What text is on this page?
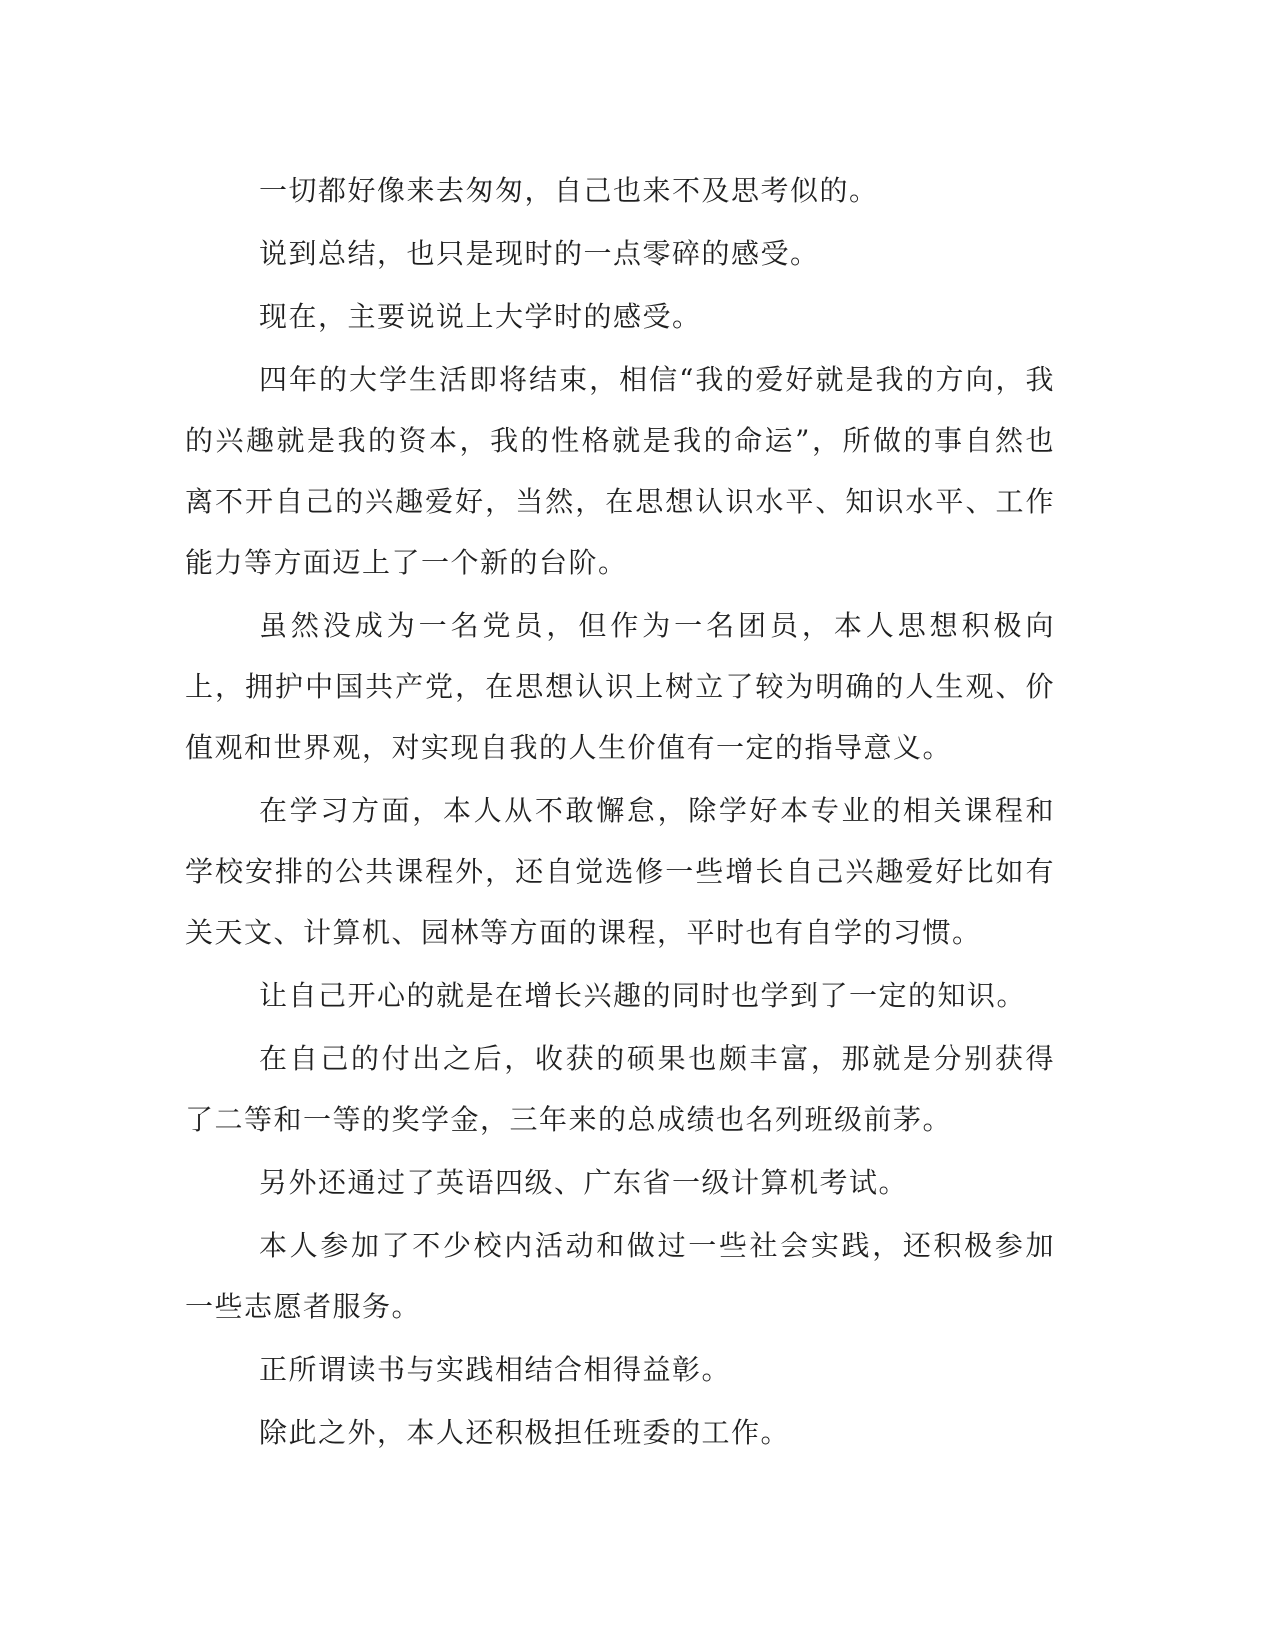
一切都好像来去匆匆，自己也来不及思考似的。

说到总结，也只是现时的一点零碎的感受。

现在，主要说说上大学时的感受。

四年的大学生活即将结束，相信“我的爱好就是我的方向，我的兴趣就是我的资本，我的性格就是我的命运”，所做的事自然也离不开自己的兴趣爱好，当然，在思想认识水平、知识水平、工作能力等方面迈上了一个新的台阶。

虽然没成为一名党员，但作为一名团员，本人思想积极向上，拥护中国共产党，在思想认识上树立了较为明确的人生观、价值观和世界观，对实现自我的人生价值有一定的指导意义。

在学习方面，本人从不敢懈怠，除学好本专业的相关课程和学校安排的公共课程外，还自觉选修一些增长自己兴趣爱好比如有关天文、计算机、园林等方面的课程，平时也有自学的习惯。

让自己开心的就是在增长兴趣的同时也学到了一定的知识。

在自己的付出之后，收获的硕果也颇丰富，那就是分别获得了二等和一等的奖学金，三年来的总成绩也名列班级前茅。

另外还通过了英语四级、广东省一级计算机考试。

本人参加了不少校内活动和做过一些社会实践，还积极参加一些志愿者服务。

正所谓读书与实践相结合相得益彰。

除此之外，本人还积极担任班委的工作。
